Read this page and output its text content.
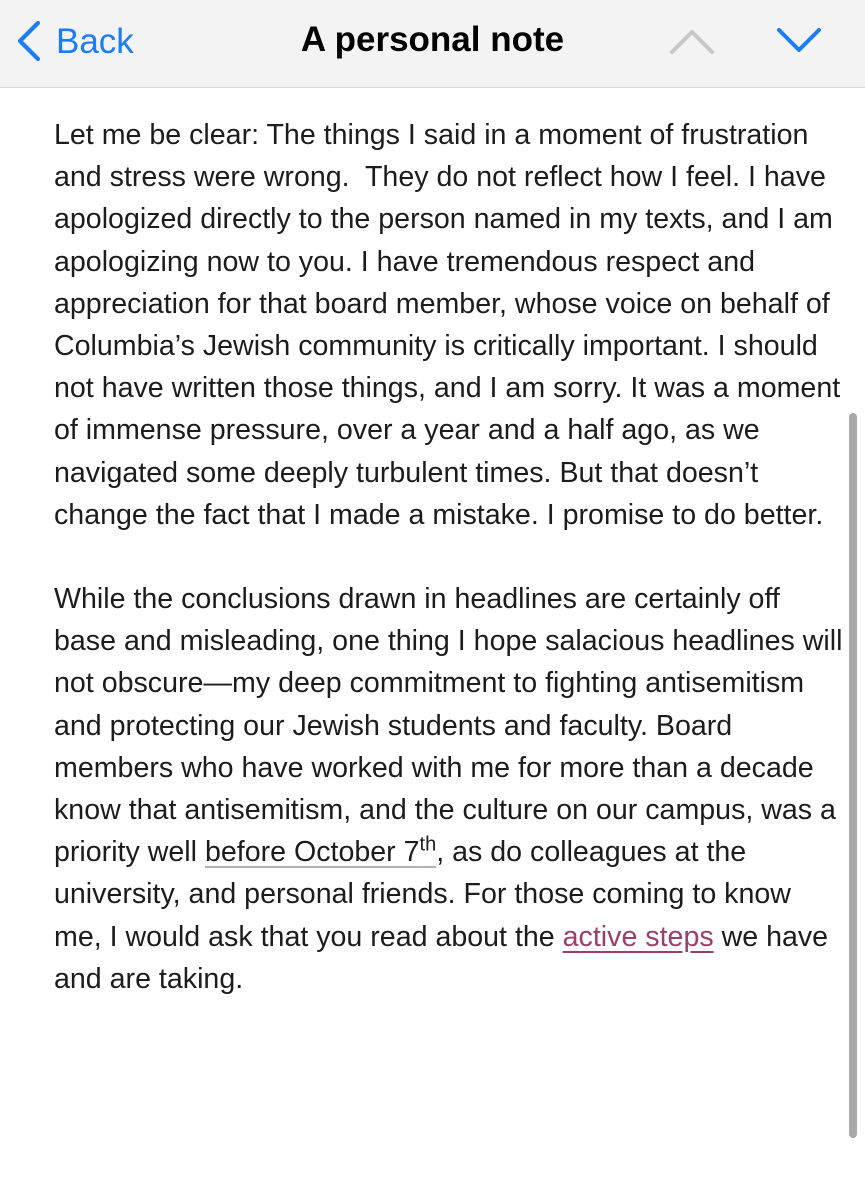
Back	A personal note

Let me be clear: The things I said in a moment of frustration and stress were wrong.  They do not reflect how I feel. I have apologized directly to the person named in my texts, and I am apologizing now to you. I have tremendous respect and appreciation for that board member, whose voice on behalf of Columbia’s Jewish community is critically important. I should not have written those things, and I am sorry. It was a moment of immense pressure, over a year and a half ago, as we navigated some deeply turbulent times. But that doesn’t change the fact that I made a mistake. I promise to do better.

While the conclusions drawn in headlines are certainly off base and misleading, one thing I hope salacious headlines will not obscure—my deep commitment to fighting antisemitism and protecting our Jewish students and faculty. Board members who have worked with me for more than a decade know that antisemitism, and the culture on our campus, was a priority well before October 7th, as do colleagues at the university, and personal friends. For those coming to know me, I would ask that you read about the active steps we have and are taking.
